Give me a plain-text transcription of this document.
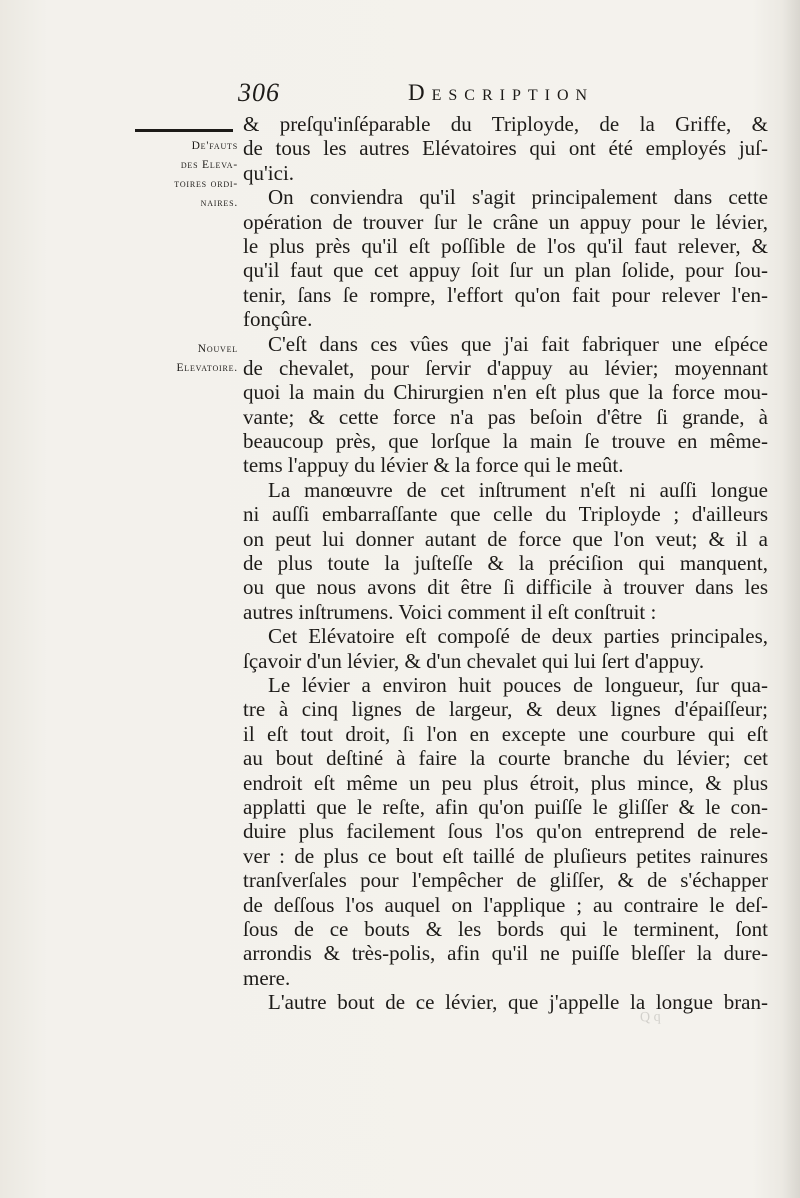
306	Description
De'fauts
des Eleva-
toires ordi-
naires.
Nouvel
Elevatoire.
& preſqu'inſéparable du Triployde, de la Griffe, &
de tous les autres Elévatoires qui ont été employés juſ-
qu'ici.
On conviendra qu'il s'agit principalement dans cette
opération de trouver ſur le crâne un appuy pour le lévier,
le plus près qu'il eſt poſſible de l'os qu'il faut relever, &
qu'il faut que cet appuy ſoit ſur un plan ſolide, pour ſou-
tenir, ſans ſe rompre, l'effort qu'on fait pour relever l'en-
fonçûre.
C'eſt dans ces vûes que j'ai fait fabriquer une eſpéce
de chevalet, pour ſervir d'appuy au lévier; moyennant
quoi la main du Chirurgien n'en eſt plus que la force mou-
vante; & cette force n'a pas beſoin d'être ſi grande, à
beaucoup près, que lorſque la main ſe trouve en même-
tems l'appuy du lévier & la force qui le meût.
La manœuvre de cet inſtrument n'eſt ni auſſi longue
ni auſſi embarraſſante que celle du Triployde ; d'ailleurs
on peut lui donner autant de force que l'on veut; & il a
de plus toute la juſteſſe & la préciſion qui manquent,
ou que nous avons dit être ſi difficile à trouver dans les
autres inſtrumens. Voici comment il eſt conſtruit :
Cet Elévatoire eſt compoſé de deux parties principales,
ſçavoir d'un lévier, & d'un chevalet qui lui ſert d'appuy.
Le lévier a environ huit pouces de longueur, ſur qua-
tre à cinq lignes de largeur, & deux lignes d'épaiſſeur;
il eſt tout droit, ſi l'on en excepte une courbure qui eſt
au bout deſtiné à faire la courte branche du lévier; cet
endroit eſt même un peu plus étroit, plus mince, & plus
applatti que le reſte, afin qu'on puiſſe le gliſſer & le con-
duire plus facilement ſous l'os qu'on entreprend de rele-
ver : de plus ce bout eſt taillé de pluſieurs petites rainures
tranſverſales pour l'empêcher de gliſſer, & de s'échapper
de deſſous l'os auquel on l'applique ; au contraire le deſ-
ſous de ce bouts & les bords qui le terminent, ſont
arrondis & très-polis, afin qu'il ne puiſſe bleſſer la dure-
mere.
L'autre bout de ce lévier, que j'appelle la longue bran-
Q q
